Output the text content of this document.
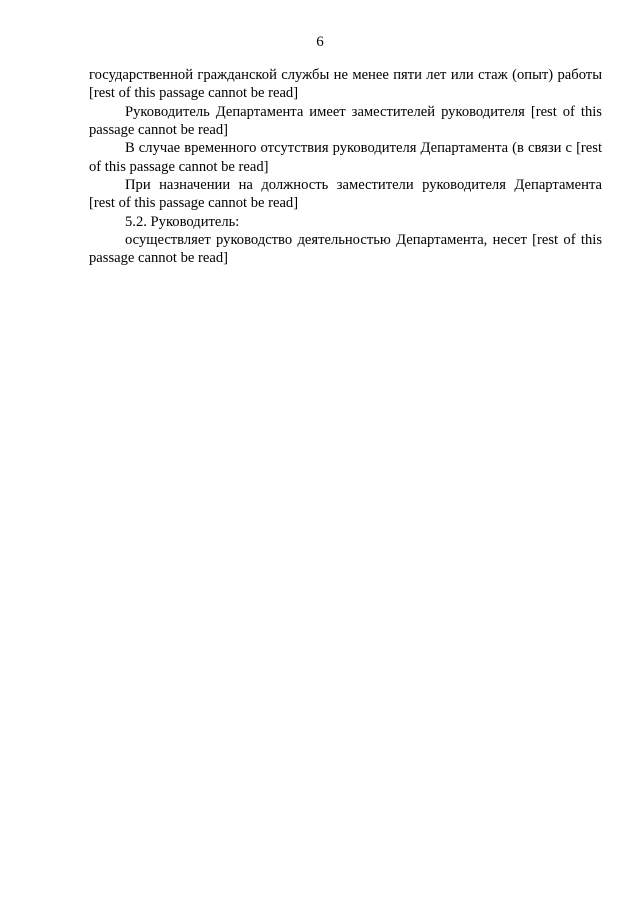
6

государственной гражданской службы не менее пяти лет или стаж (опыт) работы [rest of this passage cannot be read]

Руководитель Департамента имеет заместителей руководителя [rest of this passage cannot be read]

В случае временного отсутствия руководителя Департамента (в связи с [rest of this passage cannot be read]

При назначении на должность заместители руководителя Департамента [rest of this passage cannot be read]

5.2. Руководитель:

осуществляет руководство деятельностью Департамента, несет [rest of this passage cannot be read]
